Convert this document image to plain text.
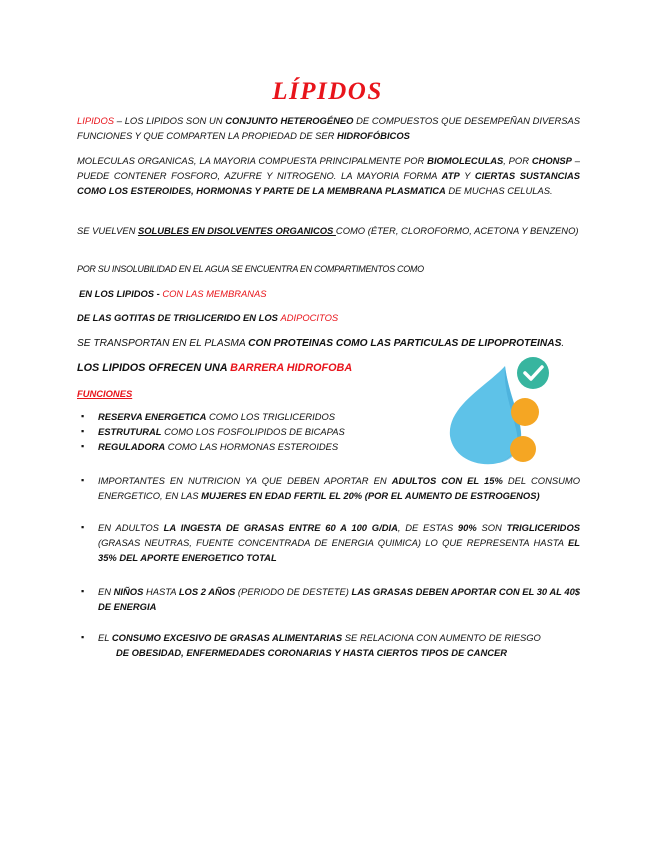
LÍPIDOS
LIPIDOS – LOS LIPIDOS SON UN CONJUNTO HETEROGÉNEO DE COMPUESTOS QUE DESEMPEÑAN DIVERSAS FUNCIONES Y QUE COMPARTEN LA PROPIEDAD DE SER HIDROFÓBICOS
MOLECULAS ORGANICAS, LA MAYORIA COMPUESTA PRINCIPALMENTE POR BIOMOLECULAS, POR CHONSP – PUEDE CONTENER FOSFORO, AZUFRE Y NITROGENO. LA MAYORIA FORMA ATP Y CIERTAS SUSTANCIAS COMO LOS ESTEROIDES, HORMONAS Y PARTE DE LA MEMBRANA PLASMATICA DE MUCHAS CELULAS.
SE VUELVEN SOLUBLES EN DISOLVENTES ORGANICOS COMO (ÉTER, CLOROFORMO, ACETONA Y BENZENO)
POR SU INSOLUBILIDAD EN EL AGUA SE ENCUENTRA EN COMPARTIMENTOS COMO
EN LOS LIPIDOS - CON LAS MEMBRANAS
DE LAS GOTITAS DE TRIGLICERIDO EN LOS ADIPOCITOS
SE TRANSPORTAN EN EL PLASMA CON PROTEINAS COMO LAS PARTICULAS DE LIPOPROTEINAS.
LOS LIPIDOS OFRECEN UNA BARRERA HIDROFOBA
FUNCIONES
▪ RESERVA ENERGETICA COMO LOS TRIGLICERIDOS
▪ ESTRUTURAL COMO LOS FOSFOLIPIDOS DE BICAPAS
▪ REGULADORA COMO LAS HORMONAS ESTEROIDES
▪ IMPORTANTES EN NUTRICION YA QUE DEBEN APORTAR EN ADULTOS CON EL 15% DEL CONSUMO ENERGETICO, EN LAS MUJERES EN EDAD FERTIL EL 20% (POR EL AUMENTO DE ESTROGENOS)
▪ EN ADULTOS LA INGESTA DE GRASAS ENTRE 60 A 100 G/DIA, DE ESTAS 90% SON TRIGLICERIDOS (GRASAS NEUTRAS, FUENTE CONCENTRADA DE ENERGIA QUIMICA) LO QUE REPRESENTA HASTA EL 35% DEL APORTE ENERGETICO TOTAL
▪ EN NIÑOS HASTA LOS 2 AÑOS (PERIODO DE DESTETE) LAS GRASAS DEBEN APORTAR CON EL 30 AL 40$ DE ENERGIA
▪ EL CONSUMO EXCESIVO DE GRASAS ALIMENTARIAS SE RELACIONA CON AUMENTO DE RIESGO
DE OBESIDAD, ENFERMEDADES CORONARIAS Y HASTA CIERTOS TIPOS DE CANCER
